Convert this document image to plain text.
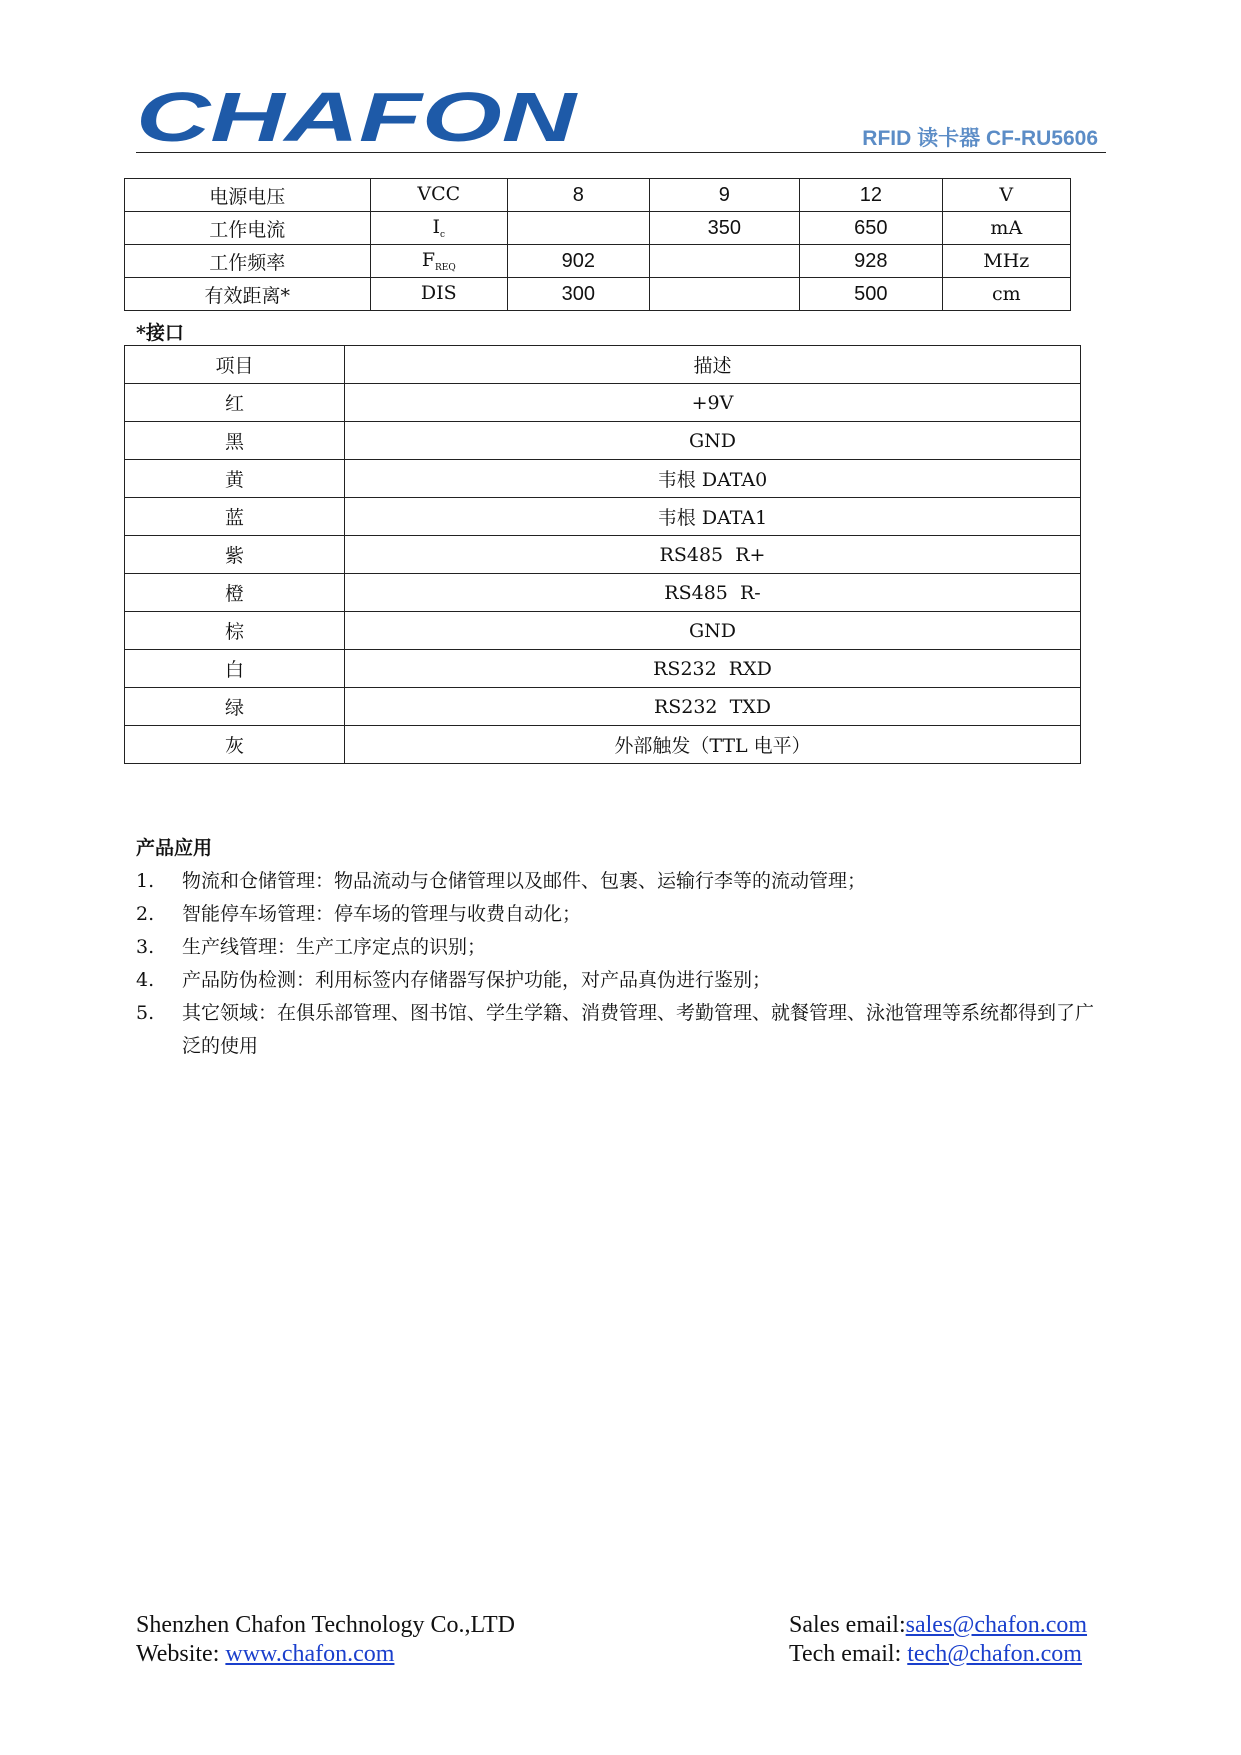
CHAFON	RFID 读卡器 CF-RU5606
电源电压	VCC	8	9	12	V
工作电流	$I_c$		350	650	mA
工作频率	$F_{REQ}$	902		928	MHz
有效距离*	DIS	300		500	cm
*接口
项目	描述
红	+9V
黑	GND
黄	韦根 DATA0
蓝	韦根 DATA1
紫	RS485  R+
橙	RS485  R-
棕	GND
白	RS232  RXD
绿	RS232  TXD
灰	外部触发（TTL 电平）
产品应用
1.	物流和仓储管理：物品流动与仓储管理以及邮件、包裹、运输行李等的流动管理；
2.	智能停车场管理：停车场的管理与收费自动化；
3.	生产线管理：生产工序定点的识别；
4.	产品防伪检测：利用标签内存储器写保护功能，对产品真伪进行鉴别；
5.	其它领域：在俱乐部管理、图书馆、学生学籍、消费管理、考勤管理、就餐管理、泳池管理等系统都得到了广泛的使用
Shenzhen Chafon Technology Co.,LTD
Website: www.chafon.com
Sales email:sales@chafon.com
Tech email: tech@chafon.com
